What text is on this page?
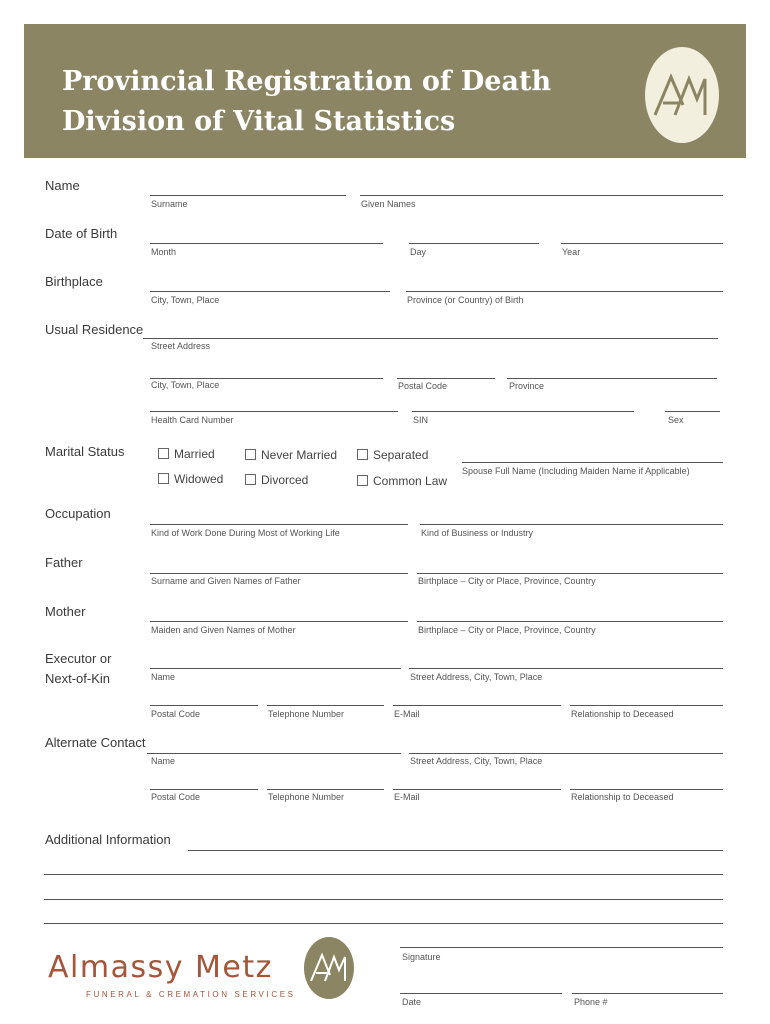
Provincial Registration of Death
Division of Vital Statistics
Name
Surname	Given Names
Date of Birth
Month	Day	Year
Birthplace
City, Town, Place	Province (or Country) of Birth
Usual Residence
Street Address
City, Town, Place	Postal Code	Province
Health Card Number	SIN	Sex
Marital Status	Married	Never Married	Separated
Widowed	Divorced	Common Law
Spouse Full Name (Including Maiden Name if Applicable)
Occupation
Kind of Work Done During Most of Working Life	Kind of Business or Industry
Father
Surname and Given Names of Father	Birthplace – City or Place, Province, Country
Mother
Maiden and Given Names of Mother	Birthplace – City or Place, Province, Country
Executor or
Next-of-Kin	Name	Street Address, City, Town, Place
Postal Code	Telephone Number	E-Mail	Relationship to Deceased
Alternate Contact
Name	Street Address, City, Town, Place
Postal Code	Telephone Number	E-Mail	Relationship to Deceased
Additional Information
Almassy Metz
FUNERAL & CREMATION SERVICES
Signature
Date	Phone #
